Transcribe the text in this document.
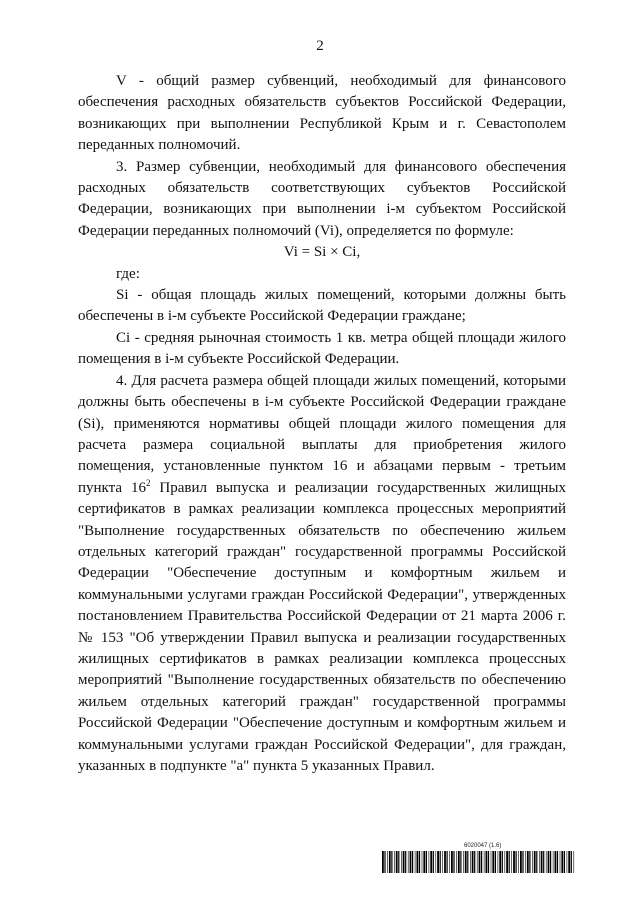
2

V - общий размер субвенций, необходимый для финансового обеспечения расходных обязательств субъектов Российской Федерации, возникающих при выполнении Республикой Крым и г. Севастополем переданных полномочий.

3. Размер субвенции, необходимый для финансового обеспечения расходных обязательств соответствующих субъектов Российской Федерации, возникающих при выполнении i-м субъектом Российской Федерации переданных полномочий (Vi), определяется по формуле:

Vi = Si × Ci,

где:

Si - общая площадь жилых помещений, которыми должны быть обеспечены в i-м субъекте Российской Федерации граждане;

Ci - средняя рыночная стоимость 1 кв. метра общей площади жилого помещения в i-м субъекте Российской Федерации.

4. Для расчета размера общей площади жилых помещений, которыми должны быть обеспечены в i-м субъекте Российской Федерации граждане (Si), применяются нормативы общей площади жилого помещения для расчета размера социальной выплаты для приобретения жилого помещения, установленные пунктом 16 и абзацами первым - третьим пункта $16^2$ Правил выпуска и реализации государственных жилищных сертификатов в рамках реализации комплекса процессных мероприятий "Выполнение государственных обязательств по обеспечению жильем отдельных категорий граждан" государственной программы Российской Федерации "Обеспечение доступным и комфортным жильем и коммунальными услугами граждан Российской Федерации", утвержденных постановлением Правительства Российской Федерации от 21 марта 2006 г. № 153 "Об утверждении Правил выпуска и реализации государственных жилищных сертификатов в рамках реализации комплекса процессных мероприятий "Выполнение государственных обязательств по обеспечению жильем отдельных категорий граждан" государственной программы Российской Федерации "Обеспечение доступным и комфортным жильем и коммунальными услугами граждан Российской Федерации", для граждан, указанных в подпункте "а" пункта 5 указанных Правил.

6020047 (1.6)
